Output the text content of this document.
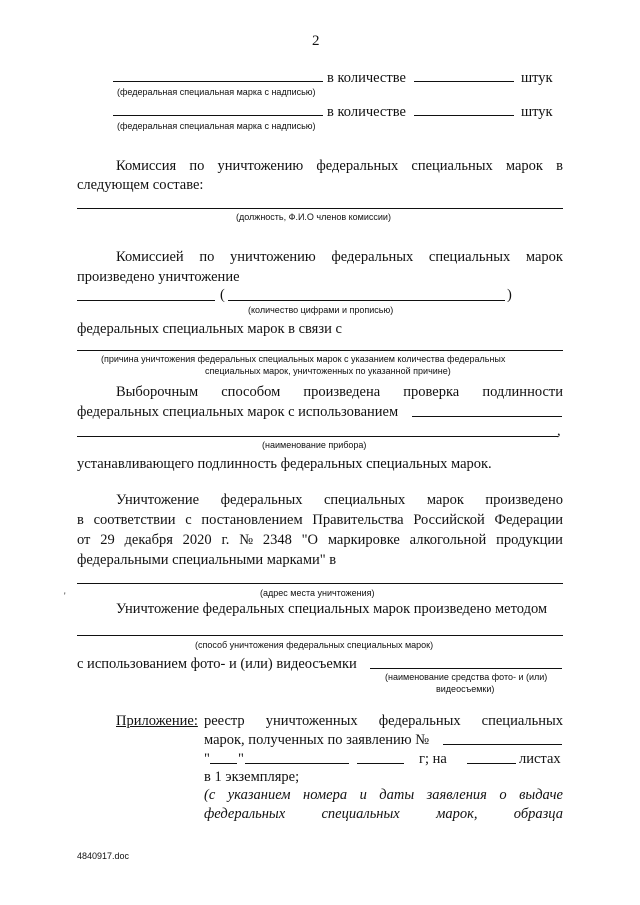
2
в количестве	штук
(федеральная специальная марка с надписью)
в количестве	штук
(федеральная специальная марка с надписью)
Комиссия по уничтожению федеральных специальных марок в
следующем составе:
(должность, Ф.И.О членов комиссии)
Комиссией по уничтожению федеральных специальных марок
произведено уничтожение
(	)
(количество цифрами и прописью)
федеральных специальных марок в связи с
(причина уничтожения федеральных специальных марок с указанием количества федеральных
специальных марок, уничтоженных по указанной причине)
Выборочным способом произведена проверка подлинности
федеральных специальных марок с использованием
,
(наименование прибора)
устанавливающего подлинность федеральных специальных марок.
Уничтожение федеральных специальных марок произведено
в соответствии с постановлением Правительства Российской Федерации
от 29 декабря 2020 г. № 2348 "О маркировке алкогольной продукции
федеральными специальными марками" в
(адрес места уничтожения)
'
Уничтожение федеральных специальных марок произведено методом
(способ уничтожения федеральных специальных марок)
с использованием фото- и (или) видеосъемки
(наименование средства фото- и (или)
видеосъемки)
Приложение: реестр уничтоженных федеральных специальных
марок, полученных по заявлению №
" "	г; на	листах
в 1 экземпляре;
(с указанием номера и даты заявления о выдаче
федеральных	специальных	марок,	образца
4840917.doc
